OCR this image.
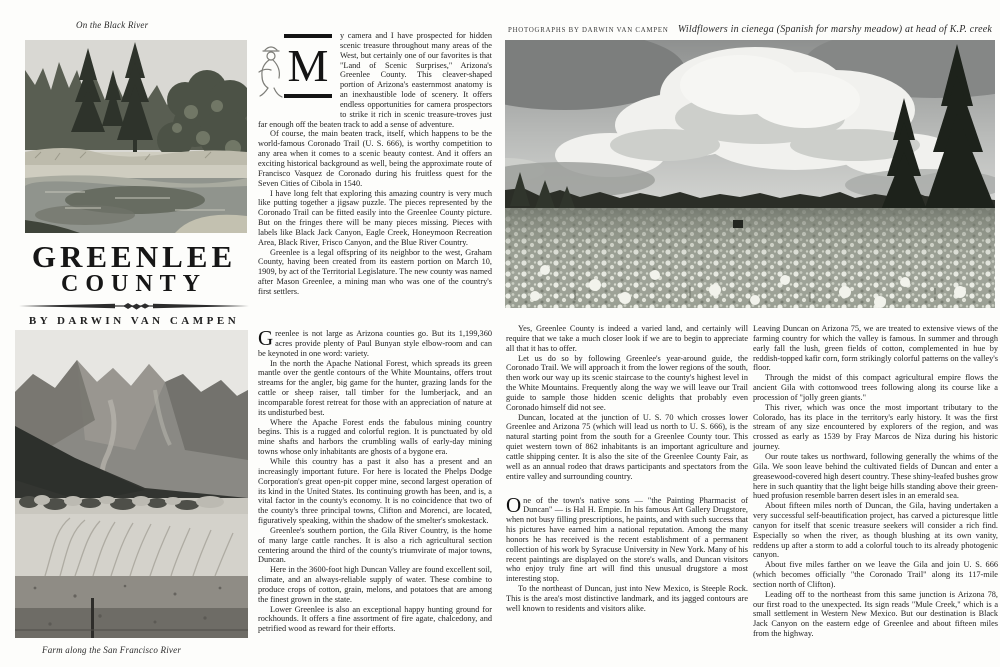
On the Black River
GREENLEE
COUNTY
BY DARWIN VAN CAMPEN
Farm along the San Francisco River
M

y camera and I have prospected for hidden scenic treasure throughout many areas of the West, but certainly one of our favorites is that "Land of Scenic Surprises," Arizona's Greenlee County. This cleaver-shaped portion of Arizona's easternmost anatomy is an inexhaustible lode of scenery. It offers endless opportunities for camera prospectors to strike it rich in scenic treasure-troves just far enough off the beaten track to add a sense of adventure.

Of course, the main beaten track, itself, which happens to be the world-famous Coronado Trail (U. S. 666), is worthy competition to any area when it comes to a scenic beauty contest. And it offers an exciting historical background as well, being the approximate route of Francisco Vasquez de Coronado during his fruitless quest for the Seven Cities of Cibola in 1540.

I have long felt that exploring this amazing country is very much like putting together a jigsaw puzzle. The pieces represented by the Coronado Trail can be fitted easily into the Greenlee County picture. But on the fringes there will be many pieces missing. Pieces with labels like Black Jack Canyon, Eagle Creek, Honeymoon Recreation Area, Black River, Frisco Canyon, and the Blue River Country.

Greenlee is a legal offspring of its neighbor to the west, Graham County, having been created from its eastern portion on March 10, 1909, by act of the Territorial Legislature. The new county was named after Mason Greenlee, a mining man who was one of the country's first settlers.

Greenlee is not large as Arizona counties go. But its 1,199,360 acres provide plenty of Paul Bunyan style elbow-room and can be keynoted in one word: variety.

In the north the Apache National Forest, which spreads its green mantle over the gentle contours of the White Mountains, offers trout streams for the angler, big game for the hunter, grazing lands for the cattle or sheep raiser, tall timber for the lumberjack, and an incomparable forest retreat for those with an appreciation of nature at its undisturbed best.

Where the Apache Forest ends the fabulous mining country begins. This is a rugged and colorful region. It is punctuated by old mine shafts and harbors the crumbling walls of early-day mining towns whose only inhabitants are ghosts of a bygone era.

While this country has a past it also has a present and an increasingly important future. For here is located the Phelps Dodge Corporation's great open-pit copper mine, second largest operation of its kind in the United States. Its continuing growth has been, and is, a vital factor in the county's economy. It is no coincidence that two of the county's three principal towns, Clifton and Morenci, are located, figuratively speaking, within the shadow of the smelter's smokestack.

Greenlee's southern portion, the Gila River Country, is the home of many large cattle ranches. It is also a rich agricultural section centering around the third of the county's triumvirate of major towns, Duncan.

Here in the 3600-foot high Duncan Valley are found excellent soil, climate, and an always-reliable supply of water. These combine to produce crops of cotton, grain, melons, and potatoes that are among the finest grown in the state.

Lower Greenlee is also an exceptional happy hunting ground for rockhounds. It offers a fine assortment of fire agate, chalcedony, and petrified wood as reward for their efforts.

PHOTOGRAPHS BY DARWIN VAN CAMPEN Wildflowers in cienega (Spanish for marshy meadow) at head of K.P. creek

Yes, Greenlee County is indeed a varied land, and certainly will require that we take a much closer look if we are to begin to appreciate all that it has to offer.

Let us do so by following Greenlee's year-around guide, the Coronado Trail. We will approach it from the lower regions of the south, then work our way up its scenic staircase to the county's highest level in the White Mountains. Frequently along the way we will leave our Trail guide to sample those hidden scenic delights that probably even Coronado himself did not see.

Duncan, located at the junction of U. S. 70 which crosses lower Greenlee and Arizona 75 (which will lead us north to U. S. 666), is the natural starting point from the south for a Greenlee County tour. This quiet western town of 862 inhabitants is an important agriculture and cattle shipping center. It is also the site of the Greenlee County Fair, as well as an annual rodeo that draws participants and spectators from the entire valley and surrounding country.

One of the town's native sons — "the Painting Pharmacist of Duncan" — is Hal H. Empie. In his famous Art Gallery Drugstore, when not busy filling prescriptions, he paints, and with such success that his pictures have earned him a national reputation. Among the many honors he has received is the recent establishment of a permanent collection of his work by Syracuse University in New York. Many of his recent paintings are displayed on the store's walls, and Duncan visitors who enjoy truly fine art will find this unusual drugstore a most interesting stop.

To the northeast of Duncan, just into New Mexico, is Steeple Rock. This is the area's most distinctive landmark, and its jagged contours are well known to residents and visitors alike.

Leaving Duncan on Arizona 75, we are treated to extensive views of the farming country for which the valley is famous. In summer and through early fall the lush, green fields of cotton, complemented in hue by reddish-topped kafir corn, form strikingly colorful patterns on the valley's floor.

Through the midst of this compact agricultural empire flows the ancient Gila with cottonwood trees following along its course like a procession of "jolly green giants."

This river, which was once the most important tributary to the Colorado, has its place in the territory's early history. It was the first stream of any size encountered by explorers of the region, and was crossed as early as 1539 by Fray Marcos de Niza during his historic journey.

Our route takes us northward, following generally the whims of the Gila. We soon leave behind the cultivated fields of Duncan and enter a greasewood-covered high desert country. These shiny-leafed bushes grow here in such quantity that the light beige hills standing above their green-hued profusion resemble barren desert isles in an emerald sea.

About fifteen miles north of Duncan, the Gila, having undertaken a very successful self-beautification project, has carved a picturesque little canyon for itself that scenic treasure seekers will consider a rich find. Especially so when the river, as though blushing at its own vanity, reddens up after a storm to add a colorful touch to its already photogenic canyon.

About five miles farther on we leave the Gila and join U. S. 666 (which becomes officially "the Coronado Trail" along its 117-mile section north of Clifton).

Leading off to the northeast from this same junction is Arizona 78, our first road to the unexpected. Its sign reads "Mule Creek," which is a small settlement in Western New Mexico. But our destination is Black Jack Canyon on the eastern edge of Greenlee and about fifteen miles from the highway.
